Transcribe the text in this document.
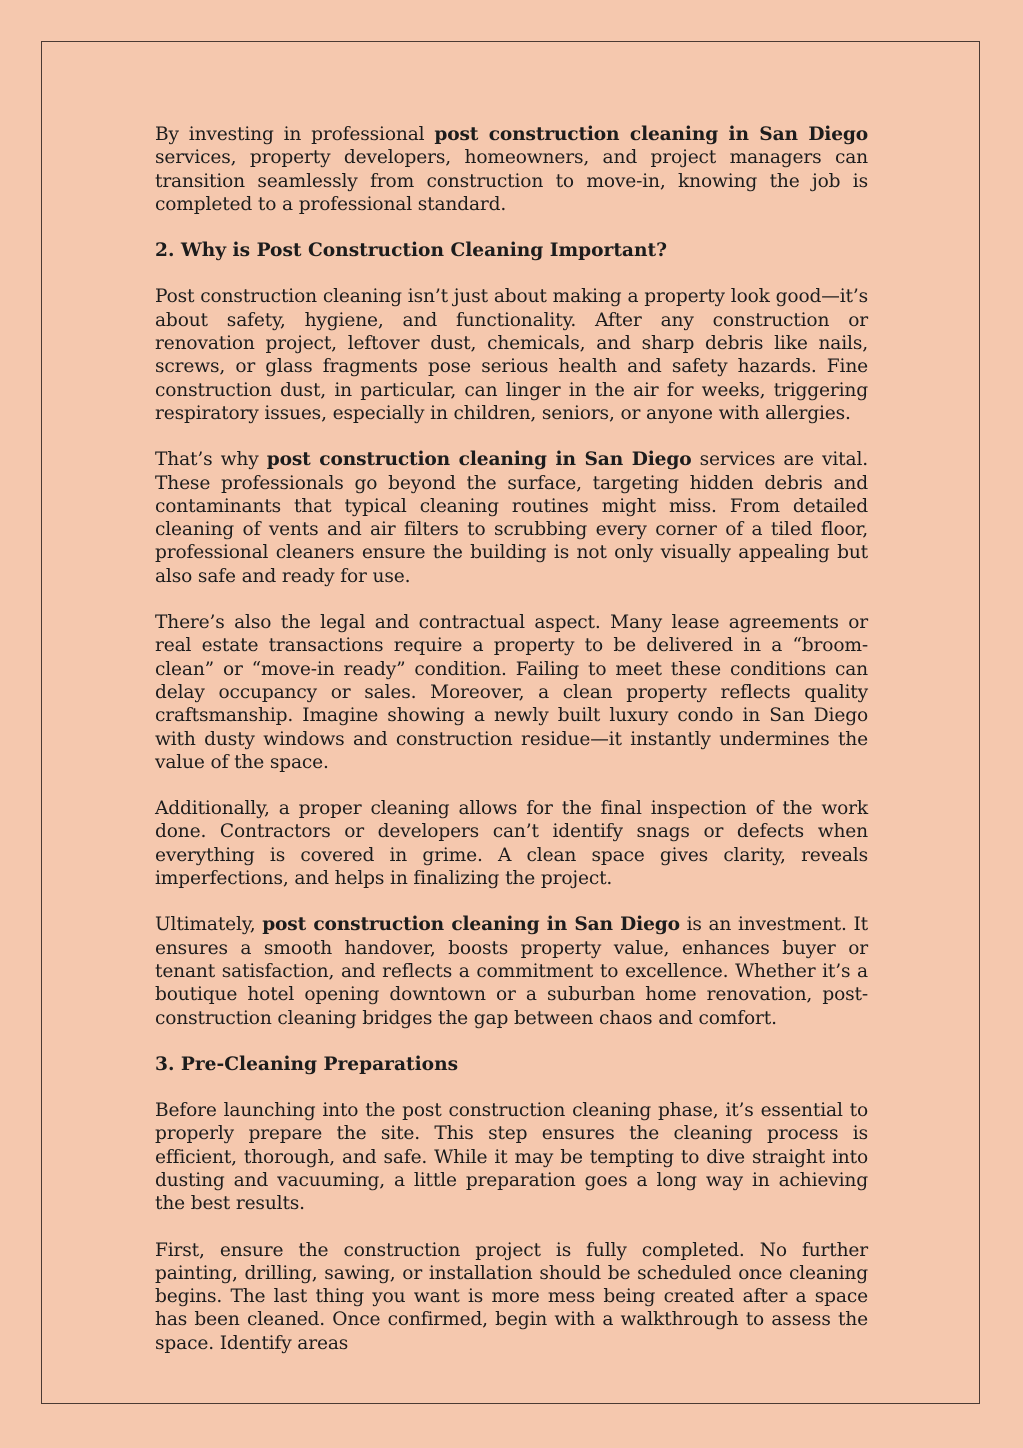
By investing in professional post construction cleaning in San Diego services, property developers, homeowners, and project managers can transition seamlessly from construction to move-in, knowing the job is completed to a professional standard.

2. Why is Post Construction Cleaning Important?

Post construction cleaning isn’t just about making a property look good—it’s about safety, hygiene, and functionality. After any construction or renovation project, leftover dust, chemicals, and sharp debris like nails, screws, or glass fragments pose serious health and safety hazards. Fine construction dust, in particular, can linger in the air for weeks, triggering respiratory issues, especially in children, seniors, or anyone with allergies.

That’s why post construction cleaning in San Diego services are vital. These professionals go beyond the surface, targeting hidden debris and contaminants that typical cleaning routines might miss. From detailed cleaning of vents and air filters to scrubbing every corner of a tiled floor, professional cleaners ensure the building is not only visually appealing but also safe and ready for use.

There’s also the legal and contractual aspect. Many lease agreements or real estate transactions require a property to be delivered in a “broom-clean” or “move-in ready” condition. Failing to meet these conditions can delay occupancy or sales. Moreover, a clean property reflects quality craftsmanship. Imagine showing a newly built luxury condo in San Diego with dusty windows and construction residue—it instantly undermines the value of the space.

Additionally, a proper cleaning allows for the final inspection of the work done. Contractors or developers can’t identify snags or defects when everything is covered in grime. A clean space gives clarity, reveals imperfections, and helps in finalizing the project.

Ultimately, post construction cleaning in San Diego is an investment. It ensures a smooth handover, boosts property value, enhances buyer or tenant satisfaction, and reflects a commitment to excellence. Whether it’s a boutique hotel opening downtown or a suburban home renovation, post-construction cleaning bridges the gap between chaos and comfort.

3. Pre-Cleaning Preparations

Before launching into the post construction cleaning phase, it’s essential to properly prepare the site. This step ensures the cleaning process is efficient, thorough, and safe. While it may be tempting to dive straight into dusting and vacuuming, a little preparation goes a long way in achieving the best results.

First, ensure the construction project is fully completed. No further painting, drilling, sawing, or installation should be scheduled once cleaning begins. The last thing you want is more mess being created after a space has been cleaned. Once confirmed, begin with a walkthrough to assess the space. Identify areas
